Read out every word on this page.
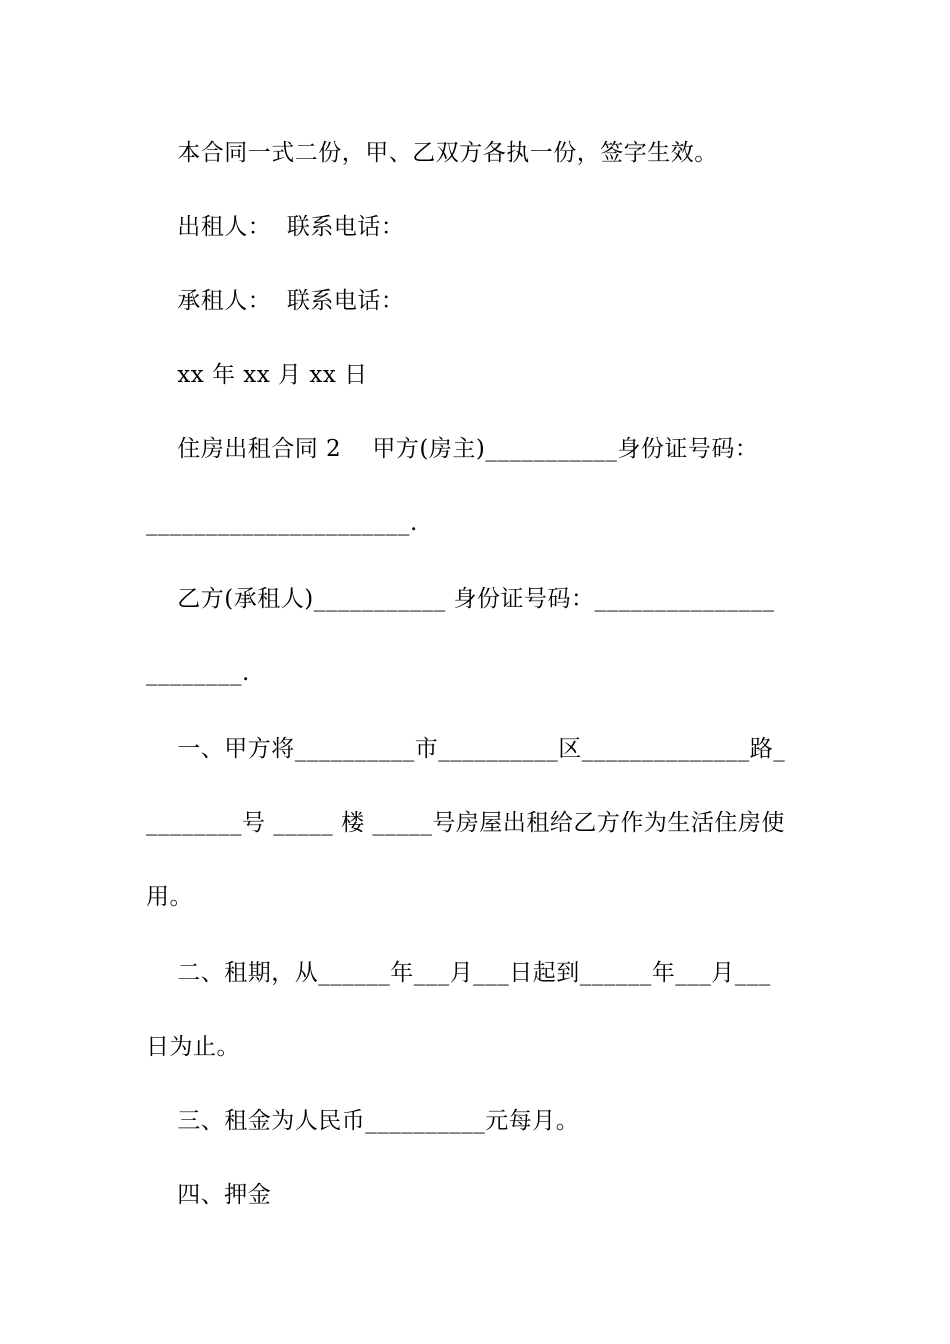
本合同一式二份，甲、乙双方各执一份，签字生效。
出租人：  联系电话：
承租人：  联系电话：
xx 年 xx 月 xx 日
住房出租合同 2    甲方(房主)___________身份证号码：
______________________.
乙方(承租人)___________ 身份证号码：_______________
________.
一、甲方将__________市__________区______________路_
________号 _____ 楼 _____号房屋出租给乙方作为生活住房使
用。
二、租期，从______年___月___日起到______年___月___
日为止。
三、租金为人民币__________元每月。
四、押金
